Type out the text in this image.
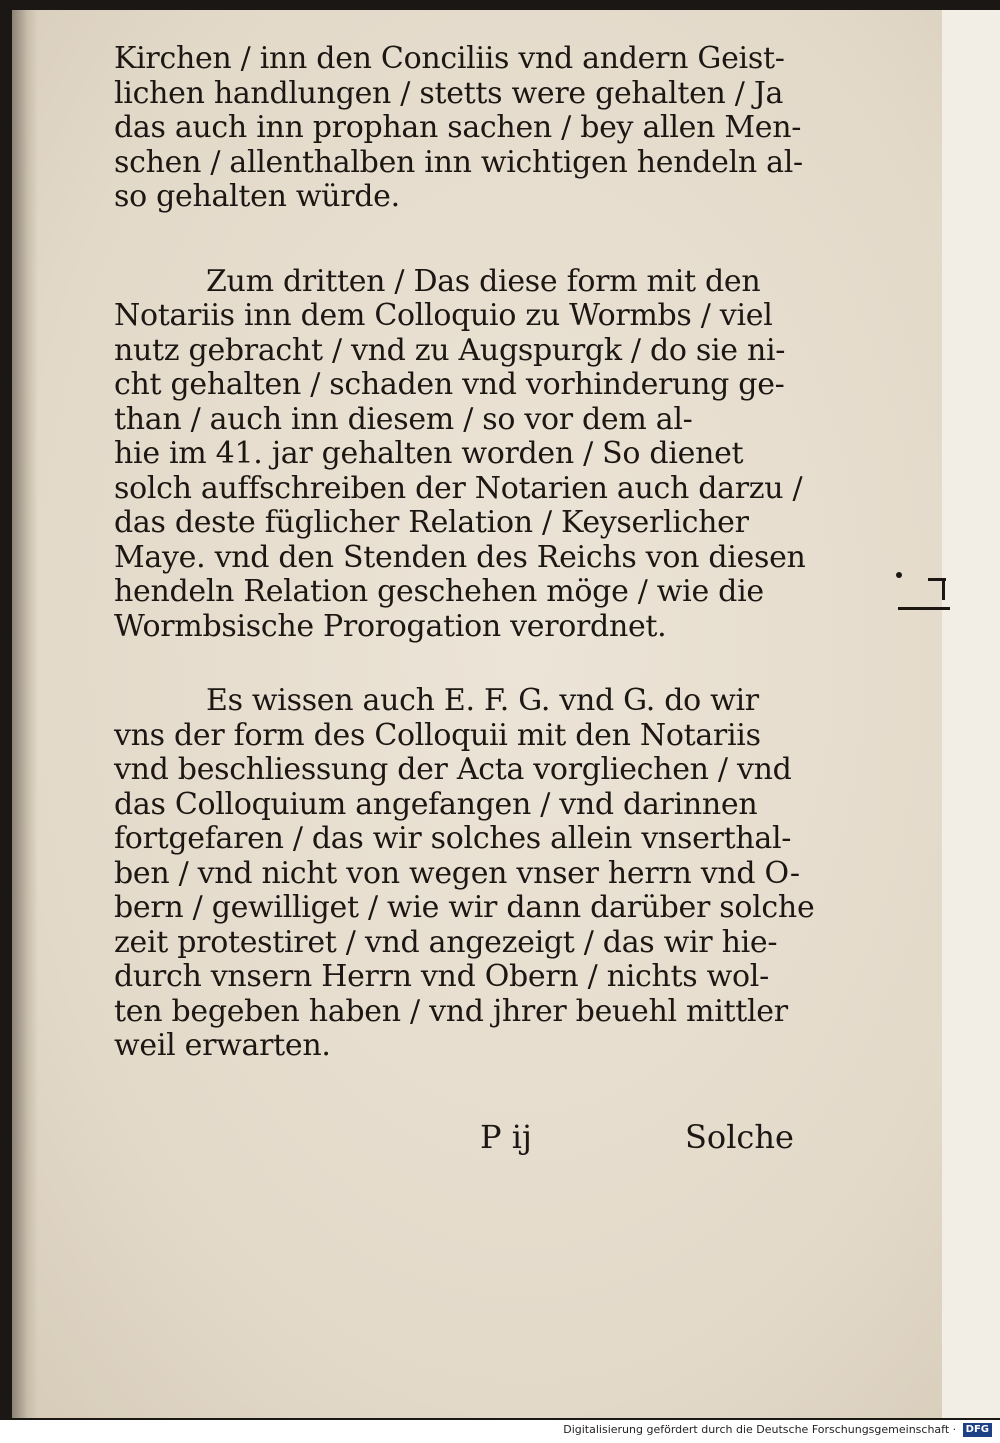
Kirchen / inn den Conciliis vnd andern Geist-
lichen handlungen / stetts were gehalten / Ja
das auch inn prophan sachen / bey allen Men-
schen / allenthalben inn wichtigen hendeln al-
so gehalten würde.

Zum dritten / Das diese form mit den
Notariis inn dem Colloquio zu Wormbs / viel
nutz gebracht / vnd zu Augspurgk / do sie ni-
cht gehalten / schaden vnd vorhinderung ge-
than / auch inn diesem / so vor dem al-
hie im 41. jar gehalten worden / So dienet
solch auffschreiben der Notarien auch darzu /
das deste füglicher Relation / Keyserlicher
Maye. vnd den Stenden des Reichs von diesen
hendeln Relation geschehen möge / wie die
Wormbsische Prorogation verordnet.

Es wissen auch E. F. G. vnd G. do wir
vns der form des Colloquii mit den Notariis
vnd beschliessung der Acta vorgliechen / vnd
das Colloquium angefangen / vnd darinnen
fortgefaren / das wir solches allein vnserthal-
ben / vnd nicht von wegen vnser herrn vnd O-
bern / gewilliget / wie wir dann darüber solche
zeit protestiret / vnd angezeigt / das wir hie-
durch vnsern Herrn vnd Obern / nichts wol-
ten begeben haben / vnd jhrer beuehl mittler
weil erwarten.

P ij	Solche
Digitalisierung gefördert durch die Deutsche Forschungsgemeinschaft · DFG
